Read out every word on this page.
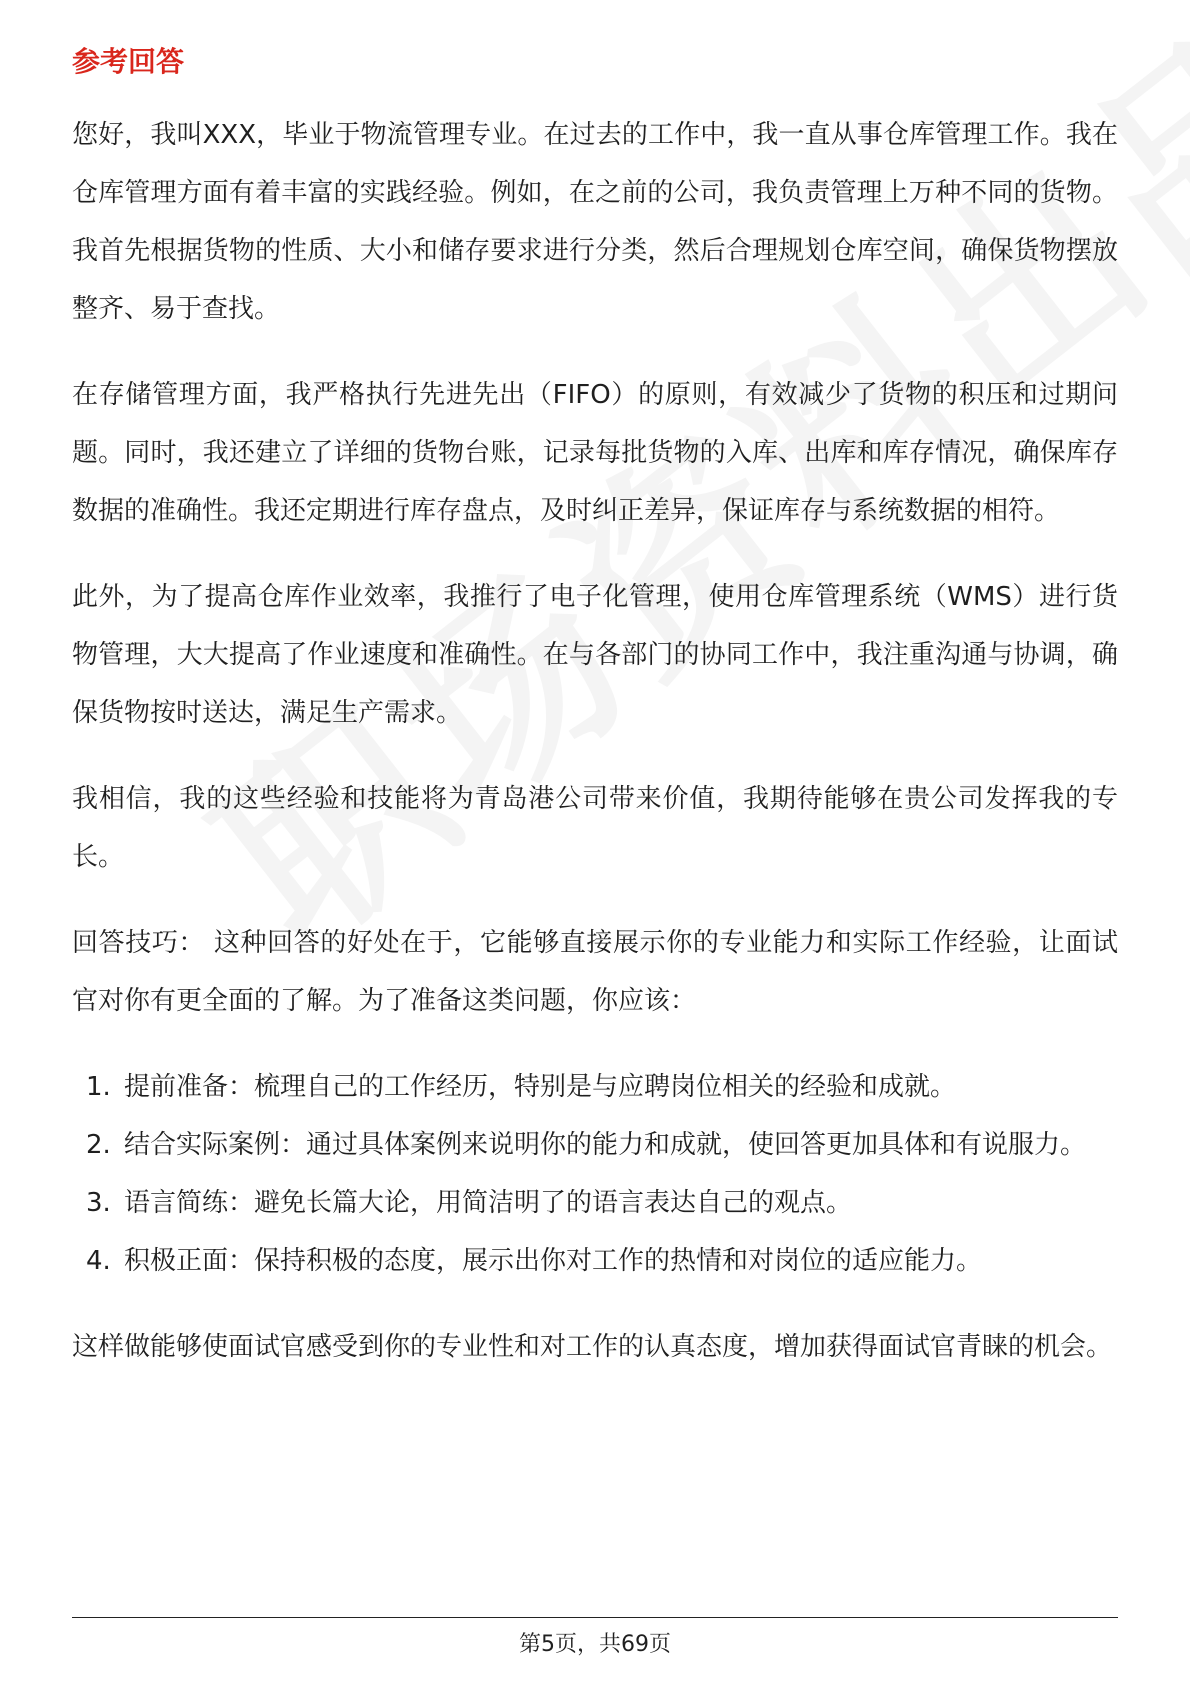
参考回答

您好，我叫XXX，毕业于物流管理专业。在过去的工作中，我一直从事仓库管理工作。我在仓库管理方面有着丰富的实践经验。例如，在之前的公司，我负责管理上万种不同的货物。我首先根据货物的性质、大小和储存要求进行分类，然后合理规划仓库空间，确保货物摆放整齐、易于查找。

在存储管理方面，我严格执行先进先出（FIFO）的原则，有效减少了货物的积压和过期问题。同时，我还建立了详细的货物台账，记录每批货物的入库、出库和库存情况，确保库存数据的准确性。我还定期进行库存盘点，及时纠正差异，保证库存与系统数据的相符。

此外，为了提高仓库作业效率，我推行了电子化管理，使用仓库管理系统（WMS）进行货物管理，大大提高了作业速度和准确性。在与各部门的协同工作中，我注重沟通与协调，确保货物按时送达，满足生产需求。

我相信，我的这些经验和技能将为青岛港公司带来价值，我期待能够在贵公司发挥我的专长。

回答技巧： 这种回答的好处在于，它能够直接展示你的专业能力和实际工作经验，让面试官对你有更全面的了解。为了准备这类问题，你应该：

1. 提前准备：梳理自己的工作经历，特别是与应聘岗位相关的经验和成就。
2. 结合实际案例：通过具体案例来说明你的能力和成就，使回答更加具体和有说服力。
3. 语言简练：避免长篇大论，用简洁明了的语言表达自己的观点。
4. 积极正面：保持积极的态度，展示出你对工作的热情和对岗位的适应能力。

这样做能够使面试官感受到你的专业性和对工作的认真态度，增加获得面试官青睐的机会。

第5页，共69页
